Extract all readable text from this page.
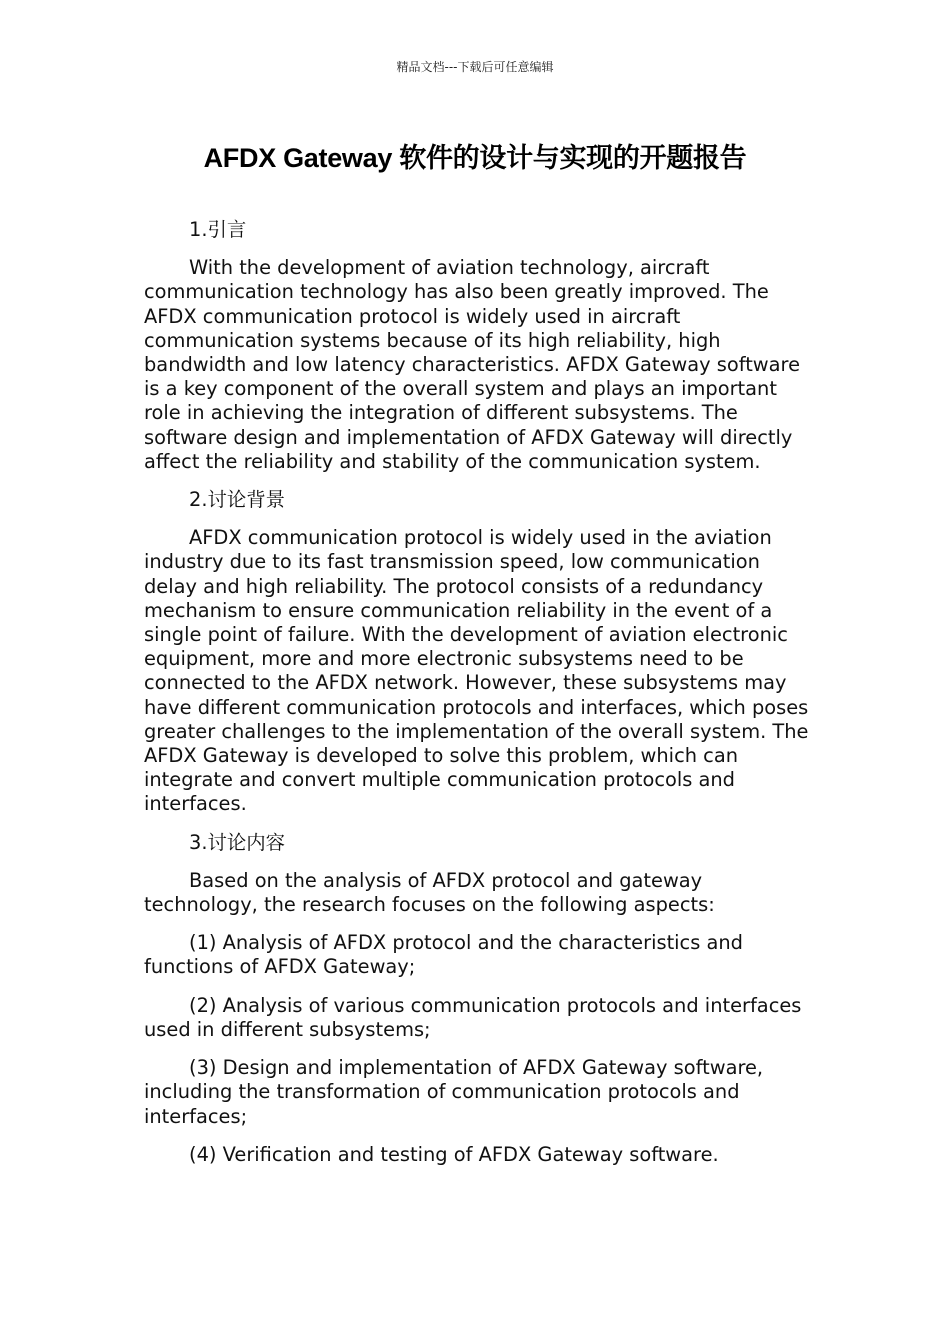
精品文档---下载后可任意编辑
AFDX Gateway 软件的设计与实现的开题报告

1.引言

With the development of aviation technology, aircraft communication technology has also been greatly improved. The AFDX communication protocol is widely used in aircraft communication systems because of its high reliability, high bandwidth and low latency characteristics. AFDX Gateway software is a key component of the overall system and plays an important role in achieving the integration of different subsystems. The software design and implementation of AFDX Gateway will directly affect the reliability and stability of the communication system.

2.讨论背景

AFDX communication protocol is widely used in the aviation industry due to its fast transmission speed, low communication delay and high reliability. The protocol consists of a redundancy mechanism to ensure communication reliability in the event of a single point of failure. With the development of aviation electronic equipment, more and more electronic subsystems need to be connected to the AFDX network. However, these subsystems may have different communication protocols and interfaces, which poses greater challenges to the implementation of the overall system. The AFDX Gateway is developed to solve this problem, which can integrate and convert multiple communication protocols and interfaces.

3.讨论内容

Based on the analysis of AFDX protocol and gateway technology, the research focuses on the following aspects:

(1) Analysis of AFDX protocol and the characteristics and functions of AFDX Gateway;

(2) Analysis of various communication protocols and interfaces used in different subsystems;

(3) Design and implementation of AFDX Gateway software, including the transformation of communication protocols and interfaces;

(4) Verification and testing of AFDX Gateway software.
